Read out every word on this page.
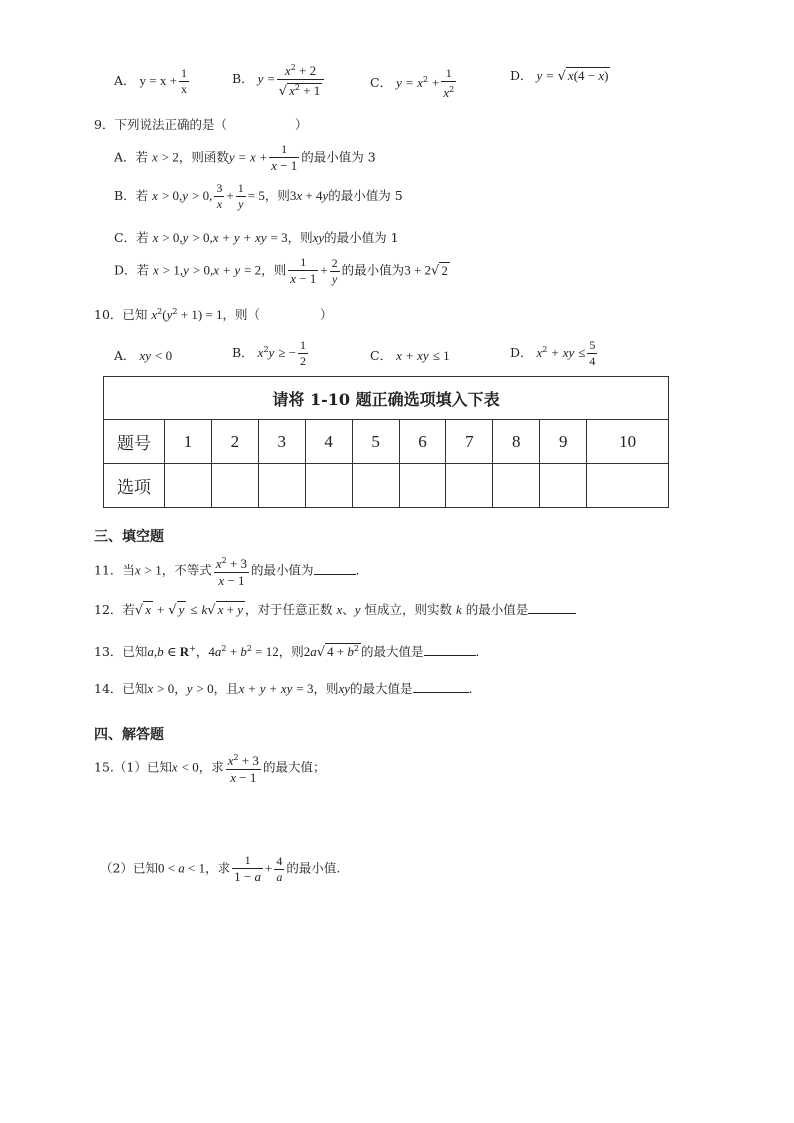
A． $y = x + \frac{1}{x}$	B． $y = \frac{x^2 + 2}{√ x^2 + 1}$	C． $y = x^2 + \frac{1}{x^2}$	D． y = √ x(4 − x)
9．下列说法正确的是（	）
A．若 x > 2，则函数$y = x + \frac{1}{x - 1}$ 的最小值为 3
B．若 x > 0,y > 0, $\frac{3}{x} + \frac{1}{y} = 5$，则3x + 4y的最小值为 5
C．若 x > 0,y > 0,x + y + xy = 3，则xy的最小值为 1
D．若 x > 1,y > 0,x + y = 2，则 $\frac{1}{x - 1} + \frac{2}{y}$ 的最小值为3 + 2√ 2
10．已知 $x^2(y^2 + 1) = 1$，则（	）
A． xy < 0	B． $x^2y$ ≥ − $\frac{1}{2}$	C． x + xy ≤ 1	D． $x^2$ + xy ≤ $\frac{5}{4}$
请将 1-10 题正确选项填入下表										
题号	1	2	3	4	5	6	7	8	9	10
选项										
三、填空题
11．当x > 1，不等式 $\frac{x^2 + 3}{x - 1}$ 的最小值为	.
12．若√ x + √ y ≤ k√ x + y ，对于任意正数 x、y 恒成立，则实数 k 的最小值是
13．已知a,b ∈ R+，$4a^2 + b^2 = 12$，则2a√ $4 + b^2$ 的最大值是	.
14．已知x > 0，y > 0，且x + y + xy = 3，则xy的最大值是	.
四、解答题
15.（1）已知x < 0，求 $\frac{x^2 + 3}{x - 1}$ 的最大值；
（2）已知0 < a < 1，求 $\frac{1}{1 - a} + \frac{4}{a}$ 的最小值.
